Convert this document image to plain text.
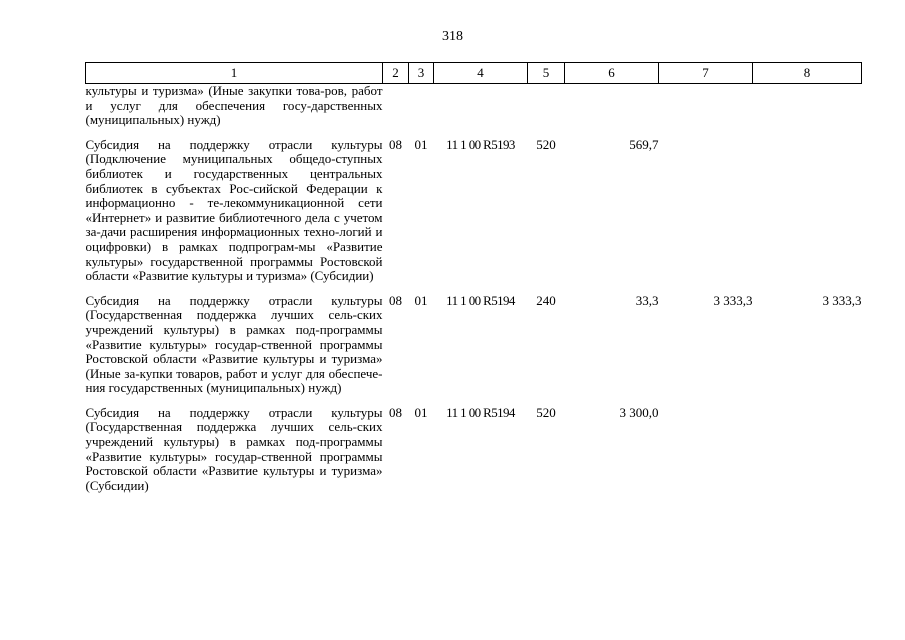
318
1	2	3	4	5	6	7	8
культуры и туризма» (Иные закупки това-ров, работ и услуг для обеспечения госу-дарственных (муниципальных) нужд)							
Субсидия на поддержку отрасли культуры (Подключение муниципальных общедо-ступных библиотек и государственных центральных библиотек в субъектах Рос-сийской Федерации к информационно - те-лекоммуникационной сети «Интернет» и развитие библиотечного дела с учетом за-дачи расширения информационных техно-логий и оцифровки) в рамках подпрограм-мы «Развитие культуры» государственной программы Ростовской области «Развитие культуры и туризма» (Субсидии)	08	01	11 1 00 R5193	520	569,7		
Субсидия на поддержку отрасли культуры (Государственная поддержка лучших сель-ских учреждений культуры) в рамках под-программы «Развитие культуры» государ-ственной программы Ростовской области «Развитие культуры и туризма» (Иные за-купки товаров, работ и услуг для обеспече-ния государственных (муниципальных) нужд)	08	01	11 1 00 R5194	240	33,3	3 333,3	3 333,3
Субсидия на поддержку отрасли культуры (Государственная поддержка лучших сель-ских учреждений культуры) в рамках под-программы «Развитие культуры» государ-ственной программы Ростовской области «Развитие культуры и туризма» (Субсидии)	08	01	11 1 00 R5194	520	3 300,0		
